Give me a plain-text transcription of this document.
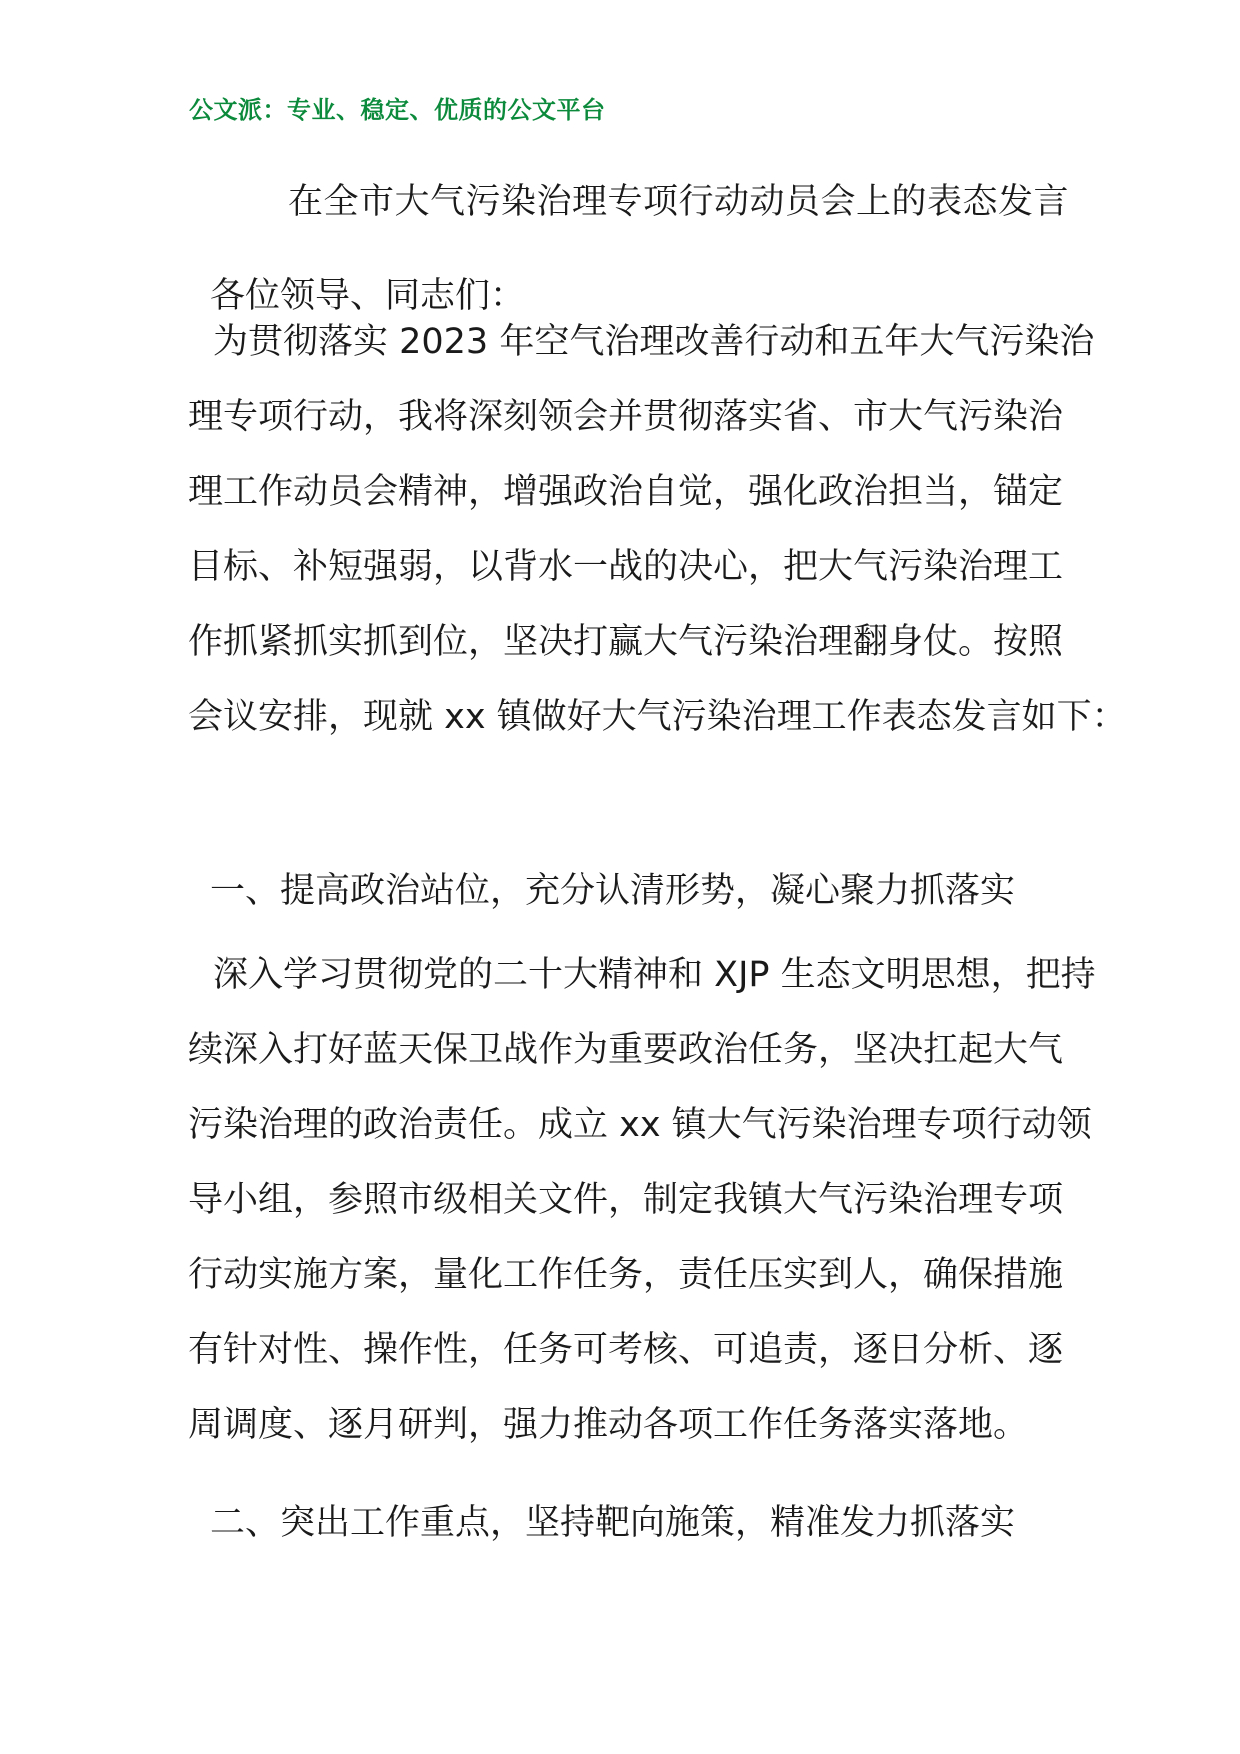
公文派：专业、稳定、优质的公文平台
在全市大气污染治理专项行动动员会上的表态发言
各位领导、同志们：
为贯彻落实 2023 年空气治理改善行动和五年大气污染治
理专项行动，我将深刻领会并贯彻落实省、市大气污染治
理工作动员会精神，增强政治自觉，强化政治担当，锚定
目标、补短强弱，以背水一战的决心，把大气污染治理工
作抓紧抓实抓到位，坚决打赢大气污染治理翻身仗。按照
会议安排，现就 xx 镇做好大气污染治理工作表态发言如下：
一、提高政治站位，充分认清形势，凝心聚力抓落实
深入学习贯彻党的二十大精神和 XJP 生态文明思想，把持
续深入打好蓝天保卫战作为重要政治任务，坚决扛起大气
污染治理的政治责任。成立 xx 镇大气污染治理专项行动领
导小组，参照市级相关文件，制定我镇大气污染治理专项
行动实施方案，量化工作任务，责任压实到人，确保措施
有针对性、操作性，任务可考核、可追责，逐日分析、逐
周调度、逐月研判，强力推动各项工作任务落实落地。
二、突出工作重点，坚持靶向施策，精准发力抓落实
